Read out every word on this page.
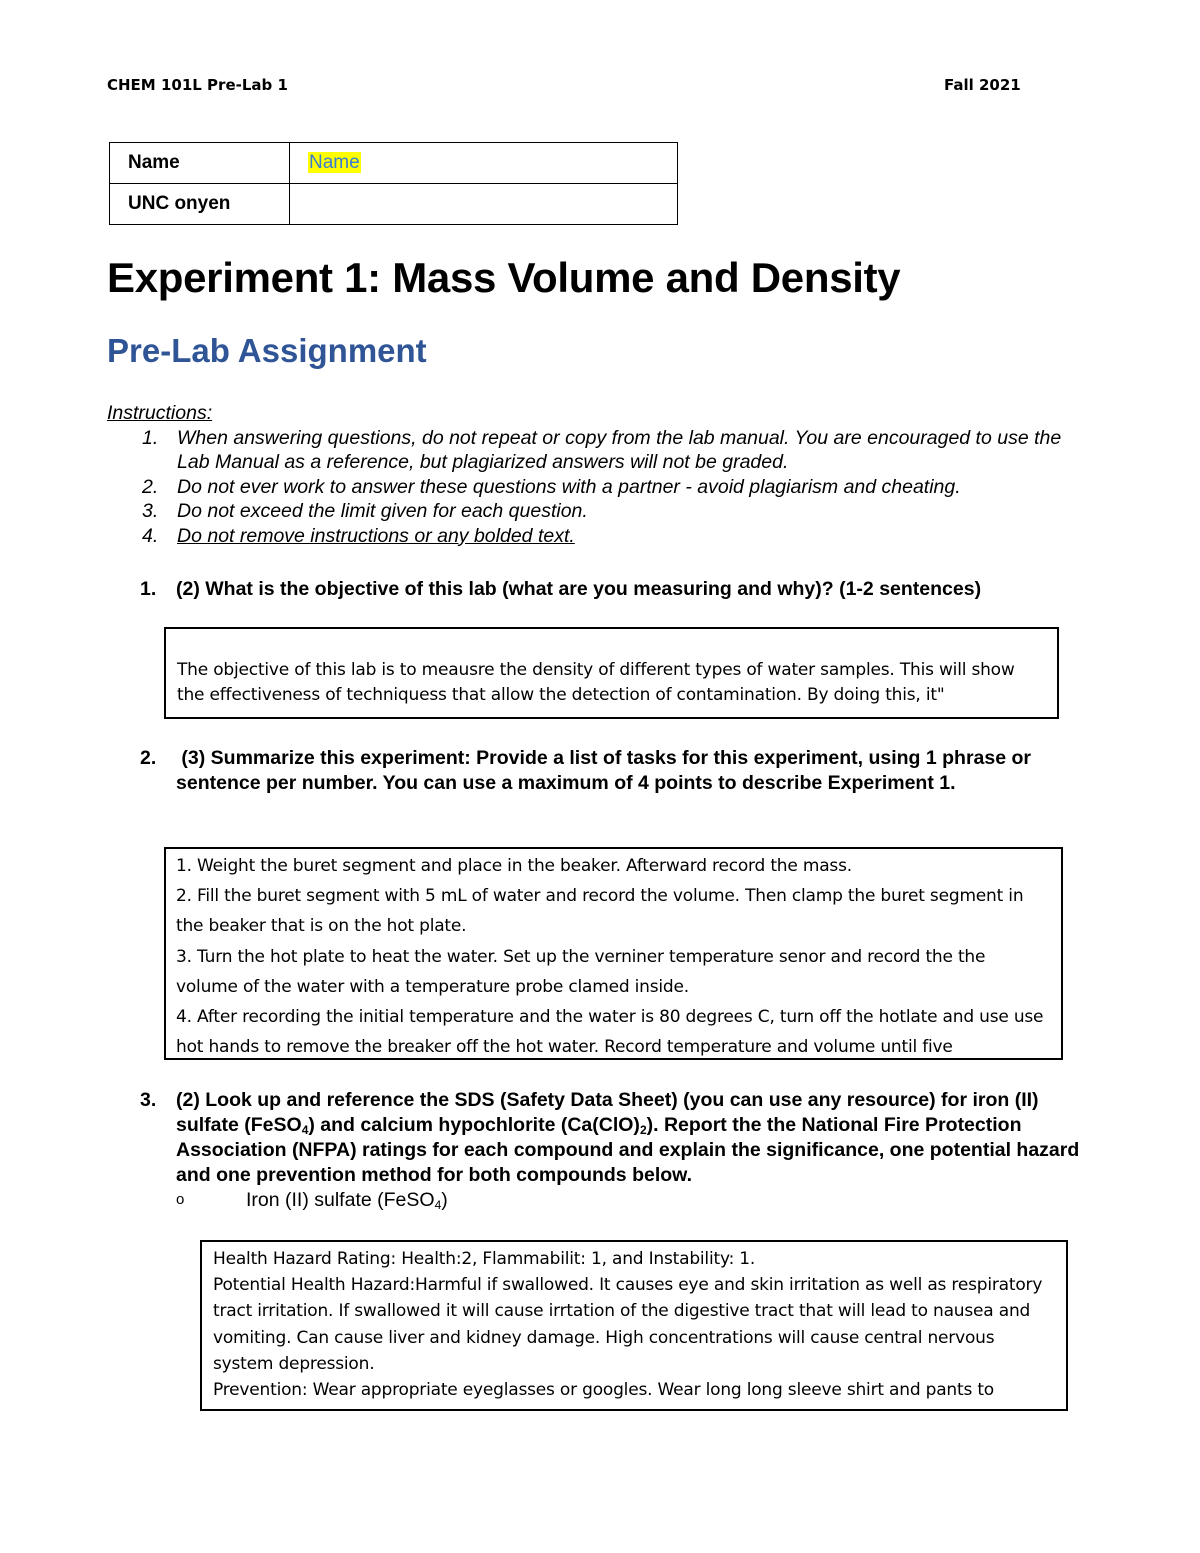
CHEM 101L Pre-Lab 1	Fall 2021
Name	Name
UNC onyen	
Experiment 1: Mass Volume and Density
Pre-Lab Assignment
Instructions:
1. When answering questions, do not repeat or copy from the lab manual. You are encouraged to use the Lab Manual as a reference, but plagiarized answers will not be graded.
2. Do not ever work to answer these questions with a partner - avoid plagiarism and cheating.
3. Do not exceed the limit given for each question.
4. Do not remove instructions or any bolded text.
1.	(2) What is the objective of this lab (what are you measuring and why)? (1-2 sentences)
The objective of this lab is to meausre the density of different types of water samples. This will show the effectiveness of techniquess that allow the detection of contamination. By doing this, it"
2.	(3) Summarize this experiment: Provide a list of tasks for this experiment, using 1 phrase or sentence per number. You can use a maximum of 4 points to describe Experiment 1.
1. Weight the buret segment and place in the beaker. Afterward record the mass.
2. Fill the buret segment with 5 mL of water and record the volume. Then clamp the buret segment in the beaker that is on the hot plate.
3. Turn the hot plate to heat the water. Set up the verniner temperature senor and record the the volume of the water with a temperature probe clamed inside.
4. After recording the initial temperature and the water is 80 degrees C, turn off the hotlate and use use hot hands to remove the breaker off the hot water. Record temperature and volume until five
3.	(2) Look up and reference the SDS (Safety Data Sheet) (you can use any resource) for iron (II) sulfate (FeSO$_4$) and calcium hypochlorite $(Ca(ClO)_2)$. Report the the National Fire Protection Association (NFPA) ratings for each compound and explain the significance, one potential hazard and one prevention method for both compounds below.
o	Iron (II) sulfate (FeSO$_4$)
Health Hazard Rating: Health:2, Flammabilit: 1, and Instability: 1.
Potential Health Hazard:Harmful if swallowed. It causes eye and skin irritation as well as respiratory tract irritation. If swallowed it will cause irrtation of the digestive tract that will lead to nausea and vomiting. Can cause liver and kidney damage. High concentrations will cause central nervous system depression.
Prevention: Wear appropriate eyeglasses or googles. Wear long long sleeve shirt and pants to
